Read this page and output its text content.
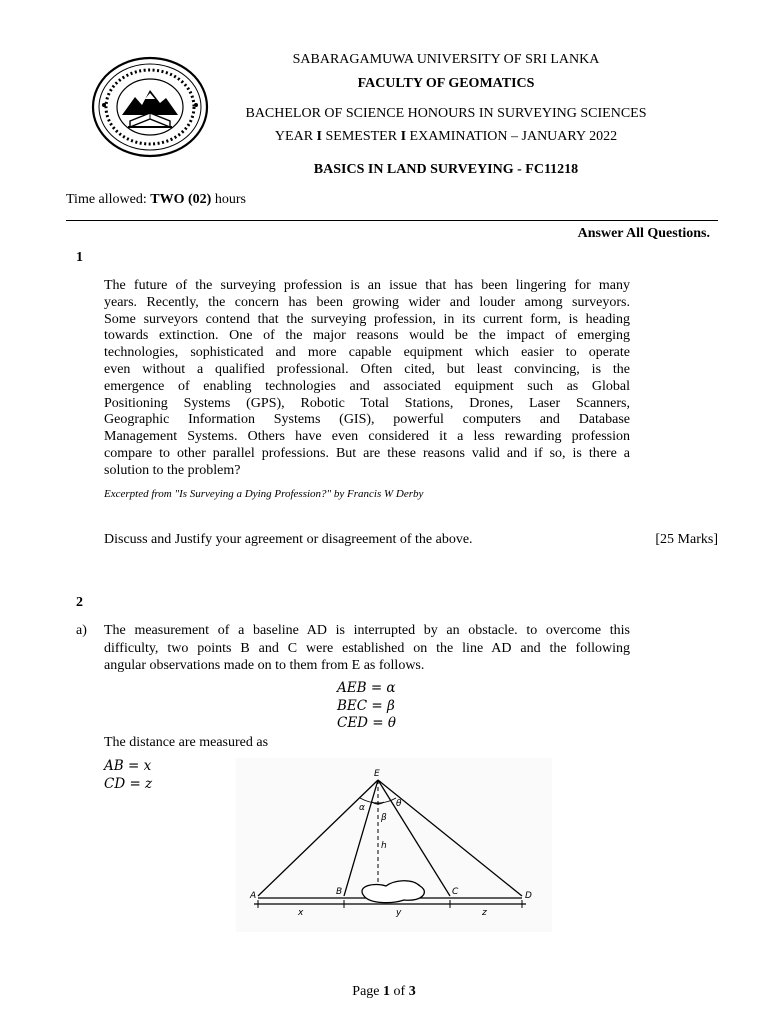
SABARAGAMUWA UNIVERSITY OF SRI LANKA
FACULTY OF GEOMATICS
BACHELOR OF SCIENCE HONOURS IN SURVEYING SCIENCES
YEAR I SEMESTER I EXAMINATION – JANUARY 2022
BASICS IN LAND SURVEYING - FC11218
Time allowed: TWO (02) hours
Answer All Questions.
1
The future of the surveying profession is an issue that has been lingering for many
years. Recently, the concern has been growing wider and louder among surveyors.
Some surveyors contend that the surveying profession, in its current form, is heading
towards extinction. One of the major reasons would be the impact of emerging
technologies, sophisticated and more capable equipment which easier to operate
even without a qualified professional. Often cited, but least convincing, is the
emergence of enabling technologies and associated equipment such as Global
Positioning Systems (GPS), Robotic Total Stations, Drones, Laser Scanners,
Geographic Information Systems (GIS), powerful computers and Database
Management Systems. Others have even considered it a less rewarding profession
compare to other parallel professions. But are these reasons valid and if so, is there a
solution to the problem?
Excerpted from "Is Surveying a Dying Profession?" by Francis W Derby
Discuss and Justify your agreement or disagreement of the above.	[25 Marks]
2
a) The measurement of a baseline AD is interrupted by an obstacle. to overcome this
difficulty, two points B and C were established on the line AD and the following
angular observations made on to them from E as follows.
AEB = α
BEC = β
CED = θ
The distance are measured as
AB = x
CD = z
E
A	B	C	D
α
β
θ
x	y	z
h
Page 1 of 3
